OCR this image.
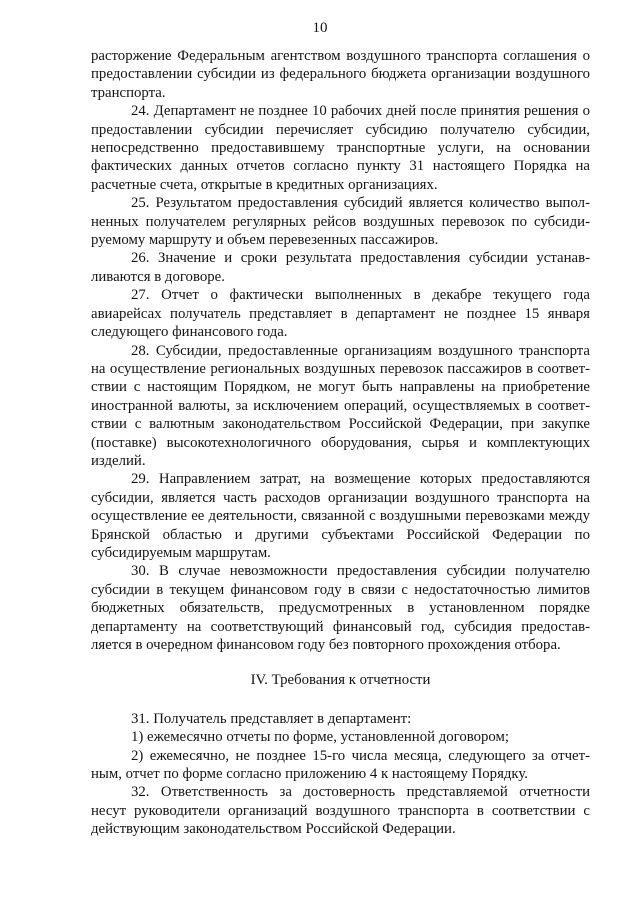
10

расторжение Федеральным агентством воздушного транспорта соглашения о предоставлении субсидии из федерального бюджета организации воздушного транспорта.

24. Департамент не позднее 10 рабочих дней после принятия решения о предоставлении субсидии перечисляет субсидию получателю субсидии, непосредственно предоставившему транспортные услуги, на основании фактических данных отчетов согласно пункту 31 настоящего Порядка на расчетные счета, открытые в кредитных организациях.

25. Результатом предоставления субсидий является количество выполненных получателем регулярных рейсов воздушных перевозок по субсидируемому маршруту и объем перевезенных пассажиров.

26. Значение и сроки результата предоставления субсидии устанавливаются в договоре.

27. Отчет о фактически выполненных в декабре текущего года авиарейсах получатель представляет в департамент не позднее 15 января следующего финансового года.

28. Субсидии, предоставленные организациям воздушного транспорта на осуществление региональных воздушных перевозок пассажиров в соответствии с настоящим Порядком, не могут быть направлены на приобретение иностранной валюты, за исключением операций, осуществляемых в соответствии с валютным законодательством Российской Федерации, при закупке (поставке) высокотехнологичного оборудования, сырья и комплектующих изделий.

29. Направлением затрат, на возмещение которых предоставляются субсидии, является часть расходов организации воздушного транспорта на осуществление ее деятельности, связанной с воздушными перевозками между Брянской областью и другими субъектами Российской Федерации по субсидируемым маршрутам.

30. В случае невозможности предоставления субсидии получателю субсидии в текущем финансовом году в связи с недостаточностью лимитов бюджетных обязательств, предусмотренных в установленном порядке департаменту на соответствующий финансовый год, субсидия предоставляется в очередном финансовом году без повторного прохождения отбора.

IV. Требования к отчетности

31. Получатель представляет в департамент:

1) ежемесячно отчеты по форме, установленной договором;

2) ежемесячно, не позднее 15-го числа месяца, следующего за отчетным, отчет по форме согласно приложению 4 к настоящему Порядку.

32. Ответственность за достоверность представляемой отчетности несут руководители организаций воздушного транспорта в соответствии с действующим законодательством Российской Федерации.
